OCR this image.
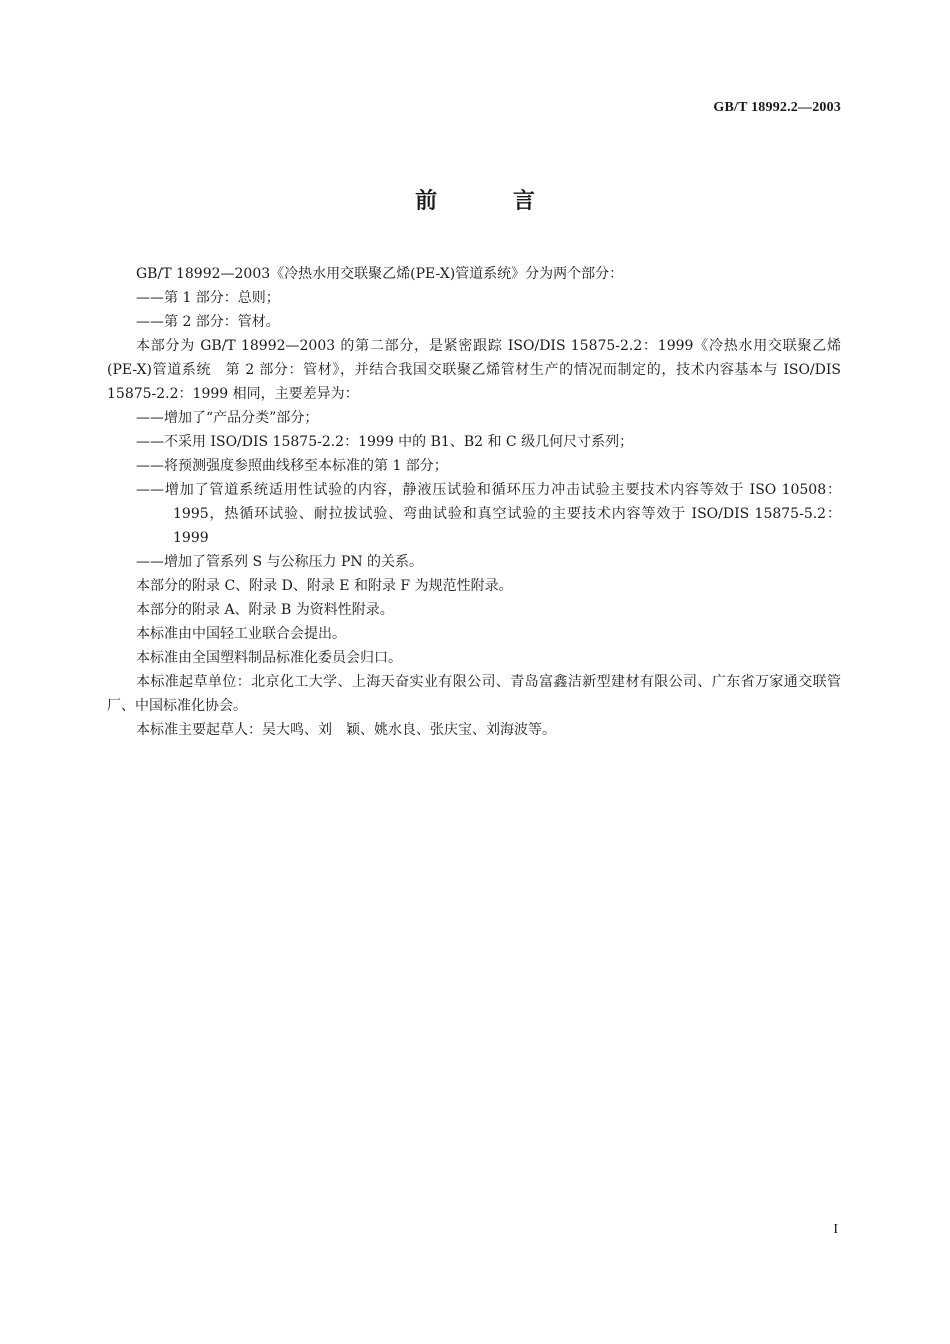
GB/T 18992.2—2003
前 言

GB/T 18992—2003《冷热水用交联聚乙烯(PE-X)管道系统》分为两个部分：

——第 1 部分：总则；

——第 2 部分：管材。

本部分为 GB/T 18992—2003 的第二部分，是紧密跟踪 ISO/DIS 15875-2.2：1999《冷热水用交联聚乙烯(PE-X)管道系统　第 2 部分：管材》，并结合我国交联聚乙烯管材生产的情况而制定的，技术内容基本与 ISO/DIS 15875-2.2：1999 相同，主要差异为：

——增加了“产品分类”部分；

——不采用 ISO/DIS 15875-2.2：1999 中的 B1、B2 和 C 级几何尺寸系列；

——将预测强度参照曲线移至本标准的第 1 部分；

——增加了管道系统适用性试验的内容，静液压试验和循环压力冲击试验主要技术内容等效于 ISO 10508：1995，热循环试验、耐拉拔试验、弯曲试验和真空试验的主要技术内容等效于 ISO/DIS 15875-5.2：1999

——增加了管系列 S 与公称压力 PN 的关系。

本部分的附录 C、附录 D、附录 E 和附录 F 为规范性附录。

本部分的附录 A、附录 B 为资料性附录。

本标准由中国轻工业联合会提出。

本标准由全国塑料制品标准化委员会归口。

本标准起草单位：北京化工大学、上海天奋实业有限公司、青岛富鑫洁新型建材有限公司、广东省万家通交联管厂、中国标准化协会。

本标准主要起草人：吴大鸣、刘　颖、姚水良、张庆宝、刘海波等。

I
